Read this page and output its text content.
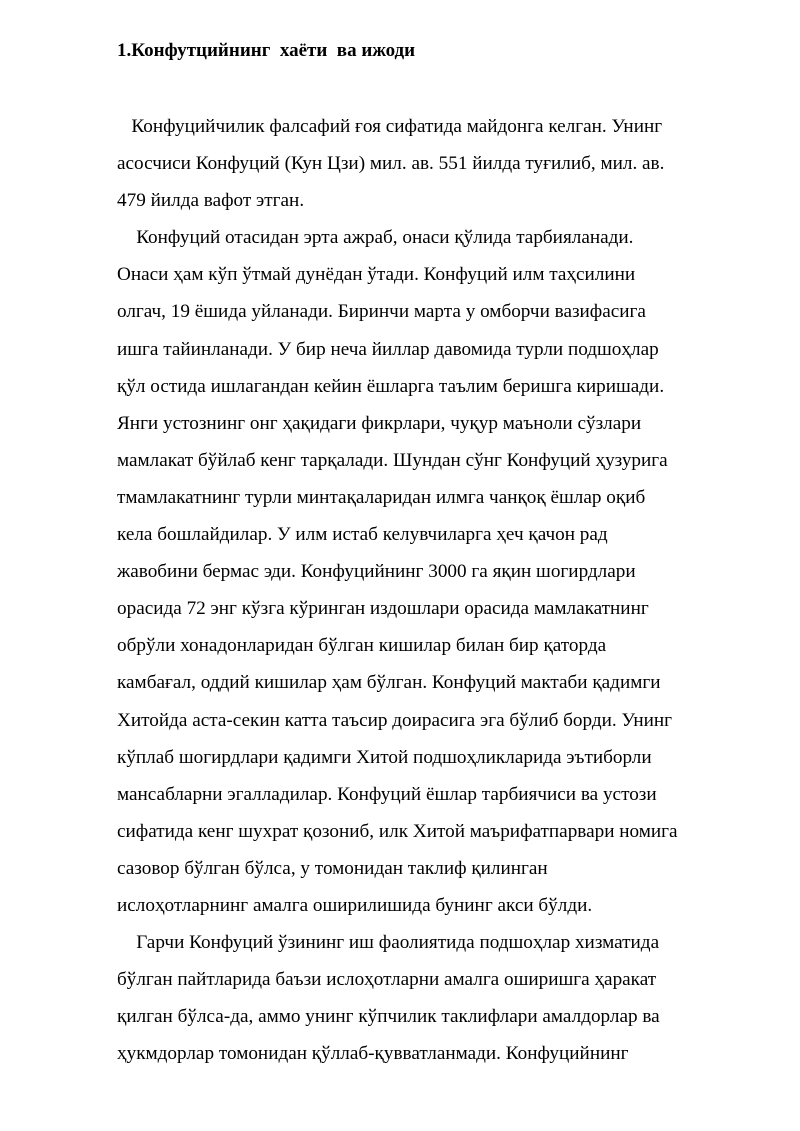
1.Конфутцийнинг  хаёти  ва ижоди
Конфуцийчилик фалсафий ғоя сифатида майдонга келган. Унинг
асосчиси Конфуций (Кун Цзи) мил. ав. 551 йилда туғилиб, мил. ав.
479 йилда вафот этган.
Конфуций отасидан эрта ажраб, онаси қўлида тарбияланади.
Онаси ҳам кўп ўтмай дунёдан ўтади. Конфуций илм таҳсилини
олгач, 19 ёшида уйланади. Биринчи марта у омборчи вазифасига
ишга тайинланади. У бир неча йиллар давомида турли подшоҳлар
қўл остида ишлагандан кейин ёшларга таълим беришга киришади.
Янги устознинг онг ҳақидаги фикрлари, чуқур маъноли сўзлари
мамлакат бўйлаб кенг тарқалади. Шундан сўнг Конфуций ҳузурига
тмамлакатнинг турли минтақаларидан илмга чанқоқ ёшлар оқиб
кела бошлайдилар. У илм истаб келувчиларга ҳеч қачон рад
жавобини бермас эди. Конфуцийнинг 3000 га яқин шогирдлари
орасида 72 энг кўзга кўринган издошлари орасида мамлакатнинг
обрўли хонадонларидан бўлган кишилар билан бир қаторда
камбағал, оддий кишилар ҳам бўлган. Конфуций мактаби қадимги
Хитойда аста-секин катта таъсир доирасига эга бўлиб борди. Унинг
кўплаб шогирдлари қадимги Хитой подшоҳликларида эътиборли
мансабларни эгалладилар. Конфуций ёшлар тарбиячиси ва устози
сифатида кенг шухрат қозониб, илк Хитой маърифатпарвари номига
сазовор бўлган бўлса, у томонидан таклиф қилинган
ислоҳотларнинг амалга оширилишида бунинг акси бўлди.
Гарчи Конфуций ўзининг иш фаолиятида подшоҳлар хизматида
бўлган пайтларида баъзи ислоҳотларни амалга оширишга ҳаракат
қилган бўлса-да, аммо унинг кўпчилик таклифлари амалдорлар ва
ҳукмдорлар томонидан қўллаб-қувватланмади. Конфуцийнинг
